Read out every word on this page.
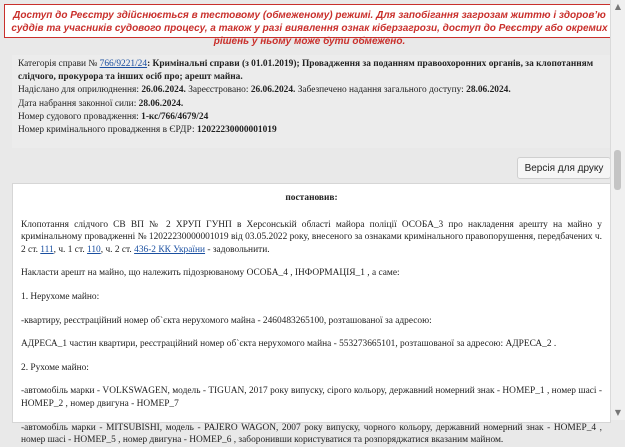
Доступ до Реєстру здійснюється в тестовому (обмеженому) режимі. Для запобігання загрозам життю і здоров’ю суддів та учасників судового процесу, а також у разі виявлення ознак кіберзагрози, доступ до Реєстру або окремих рішень у ньому може бути обмежено.
Категорія справи № 766/9221/24: Кримінальні справи (з 01.01.2019); Провадження за поданням правоохоронних органів, за клопотанням слідчого, прокурора та інших осіб про; арешт майна.
Надіслано для оприлюднення: 26.06.2024. Зареєстровано: 26.06.2024. Забезпечено надання загального доступу: 28.06.2024.
Дата набрання законної сили: 28.06.2024.
Номер судового провадження: 1-кс/766/4679/24
Номер кримінального провадження в ЄРДР: 12022230000001019
Версія для друку
постановив:

Клопотання слідчого СВ ВП № 2 ХРУП ГУНП в Херсонській області майора поліції ОСОБА_3 про накладення арешту на майно у кримінальному провадженні № 12022230000001019 від 03.05.2022 року, внесеного за ознаками кримінального правопорушення, передбачених ч. 2 ст. 111, ч. 1 ст. 110, ч. 2 ст. 436-2 КК України - задовольнити.

Накласти арешт на майно, що належить підозрюваному ОСОБА_4 , ІНФОРМАЦІЯ_1 , а саме:

1. Нерухоме майно:

-квартиру, реєстраційний номер об`єкта нерухомого майна - 2460483265100, розташованої за адресою:

АДРЕСА_1 частин квартири, реєстраційний номер об`єкта нерухомого майна - 553273665101, розташованої за адресою: АДРЕСА_2 .

2. Рухоме майно:

-автомобіль марки - VOLKSWAGEN, модель - TIGUAN, 2017 року випуску, сірого кольору, державний номерний знак - НОМЕР_1 , номер шасі - НОМЕР_2 , номер двигуна - НОМЕР_7

-автомобіль марки - MITSUBISHI, модель - PAJERO WAGON, 2007 року випуску, чорного кольору, державний номерний знак - НОМЕР_4 , номер шасі - НОМЕР_5 , номер двигуна - НОМЕР_6 , заборонивши користуватися та розпоряджатися вказаним майном.

▲
▼
